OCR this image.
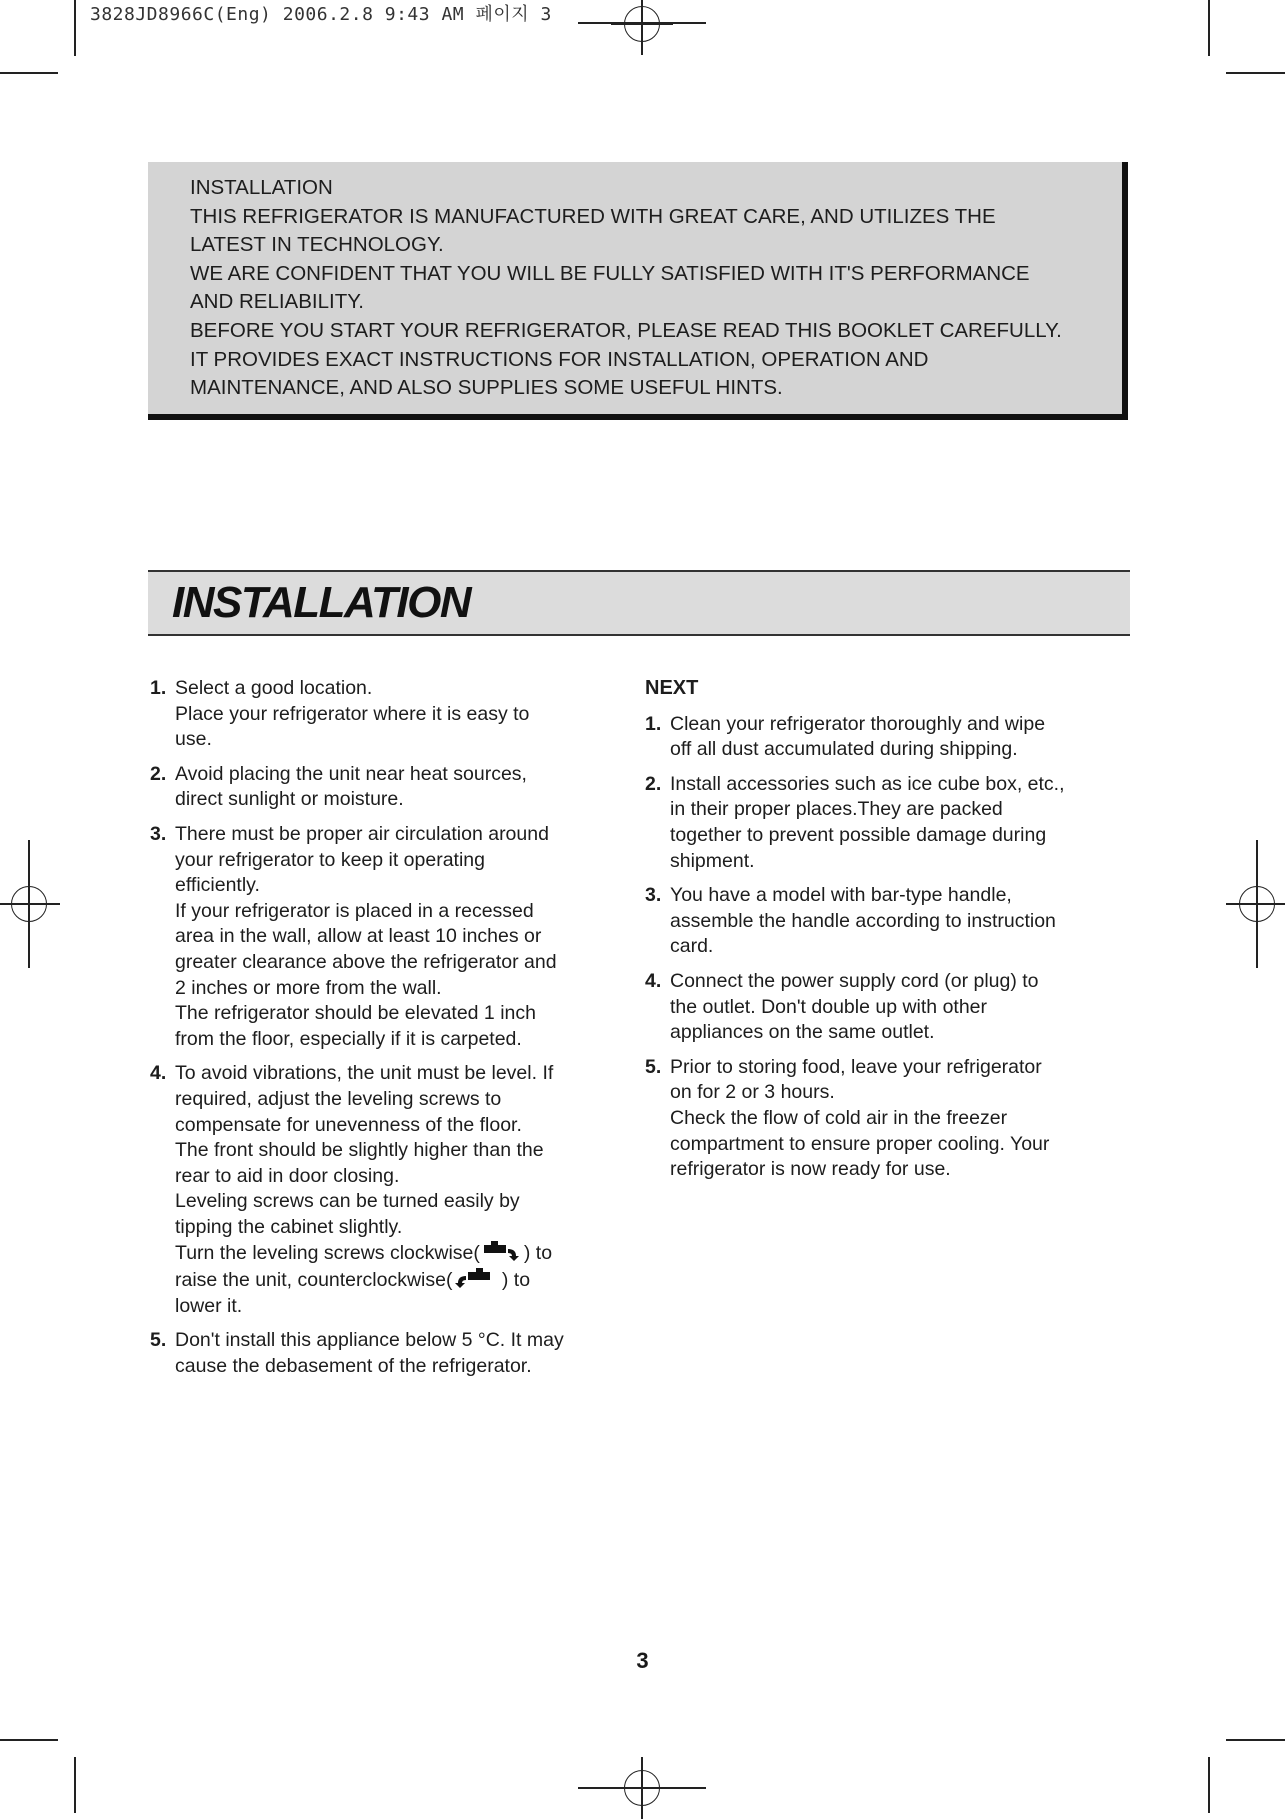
3828JD8966C(Eng) 2006.2.8 9:43 AM 페이지 3
INSTALLATION
THIS REFRIGERATOR IS MANUFACTURED WITH GREAT CARE, AND UTILIZES THE
LATEST IN TECHNOLOGY.
WE ARE CONFIDENT THAT YOU WILL BE FULLY SATISFIED WITH IT'S PERFORMANCE
AND RELIABILITY.
BEFORE YOU START YOUR REFRIGERATOR, PLEASE READ THIS BOOKLET CAREFULLY.
IT PROVIDES EXACT INSTRUCTIONS FOR INSTALLATION, OPERATION AND
MAINTENANCE, AND ALSO SUPPLIES SOME USEFUL HINTS.
INSTALLATION
1. Select a good location.
Place your refrigerator where it is easy to
use.
2. Avoid placing the unit near heat sources,
direct sunlight or moisture.
3. There must be proper air circulation around
your refrigerator to keep it operating
efficiently.
If your refrigerator is placed in a recessed
area in the wall, allow at least 10 inches or
greater clearance above the refrigerator and
2 inches or more from the wall.
The refrigerator should be elevated 1 inch
from the floor, especially if it is carpeted.
4. To avoid vibrations, the unit must be level. If
required, adjust the leveling screws to
compensate for unevenness of the floor.
The front should be slightly higher than the
rear to aid in door closing.
Leveling screws can be turned easily by
tipping the cabinet slightly.
Turn the leveling screws clockwise( ) to
raise the unit, counterclockwise( ) to
lower it.
5. Don't install this appliance below 5 °C. It may
cause the debasement of the refrigerator.
NEXT
1. Clean your refrigerator thoroughly and wipe
off all dust accumulated during shipping.
2. Install accessories such as ice cube box, etc.,
in their proper places.They are packed
together to prevent possible damage during
shipment.
3. You have a model with bar-type handle,
assemble the handle according to instruction
card.
4. Connect the power supply cord (or plug) to
the outlet. Don't double up with other
appliances on the same outlet.
5. Prior to storing food, leave your refrigerator
on for 2 or 3 hours.
Check the flow of cold air in the freezer
compartment to ensure proper cooling. Your
refrigerator is now ready for use.
3
